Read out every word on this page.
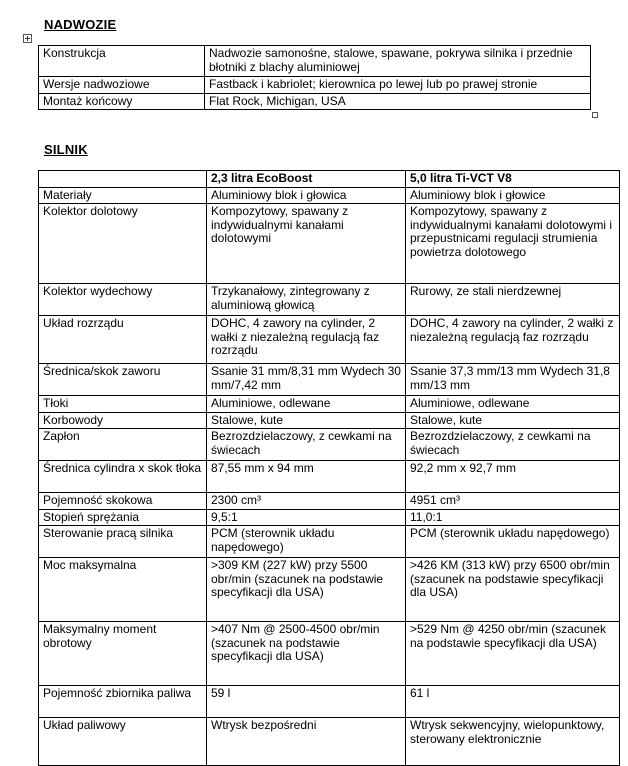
NADWOZIE
Konstrukcja	Nadwozie samonośne, stalowe, spawane, pokrywa silnika i przednie błotniki z blachy aluminiowej
Wersje nadwoziowe	Fastback i kabriolet; kierownica po lewej lub po prawej stronie
Montaż końcowy	Flat Rock, Michigan, USA
SILNIK
	2,3 litra EcoBoost	5,0 litra Ti-VCT V8
Materiały	Aluminiowy blok i głowica	Aluminiowy blok i głowice
Kolektor dolotowy	Kompozytowy, spawany z indywidualnymi kanałami dolotowymi	Kompozytowy, spawany z indywidualnymi kanałami dolotowymi i przepustnicami regulacji strumienia powietrza dolotowego
Kolektor wydechowy	Trzykanałowy, zintegrowany z aluminiową głowicą	Rurowy, ze stali nierdzewnej
Układ rozrządu	DOHC, 4 zawory na cylinder, 2 wałki z niezależną regulacją faz rozrządu	DOHC, 4 zawory na cylinder, 2 wałki z niezależną regulacją faz rozrządu
Średnica/skok zaworu	Ssanie 31 mm/8,31 mm Wydech 30 mm/7,42 mm	Ssanie 37,3 mm/13 mm Wydech 31,8 mm/13 mm
Tłoki	Aluminiowe, odlewane	Aluminiowe, odlewane
Korbowody	Stalowe, kute	Stalowe, kute
Zapłon	Bezrozdzielaczowy, z cewkami na świecach	Bezrozdzielaczowy, z cewkami na świecach
Średnica cylindra x skok tłoka	87,55 mm x 94 mm	92,2 mm x 92,7 mm
Pojemność skokowa	2300 cm³	4951 cm³
Stopień sprężania	9,5:1	11,0:1
Sterowanie pracą silnika	PCM (sterownik układu napędowego)	PCM (sterownik układu napędowego)
Moc maksymalna	>309 KM (227 kW) przy 5500 obr/min (szacunek na podstawie specyfikacji dla USA)	>426 KM (313 kW) przy 6500 obr/min (szacunek na podstawie specyfikacji dla USA)
Maksymalny moment obrotowy	>407 Nm @ 2500-4500 obr/min (szacunek na podstawie specyfikacji dla USA)	>529 Nm @ 4250 obr/min (szacunek na podstawie specyfikacji dla USA)
Pojemność zbiornika paliwa	59 l	61 l
Układ paliwowy	Wtrysk bezpośredni	Wtrysk sekwencyjny, wielopunktowy, sterowany elektronicznie
